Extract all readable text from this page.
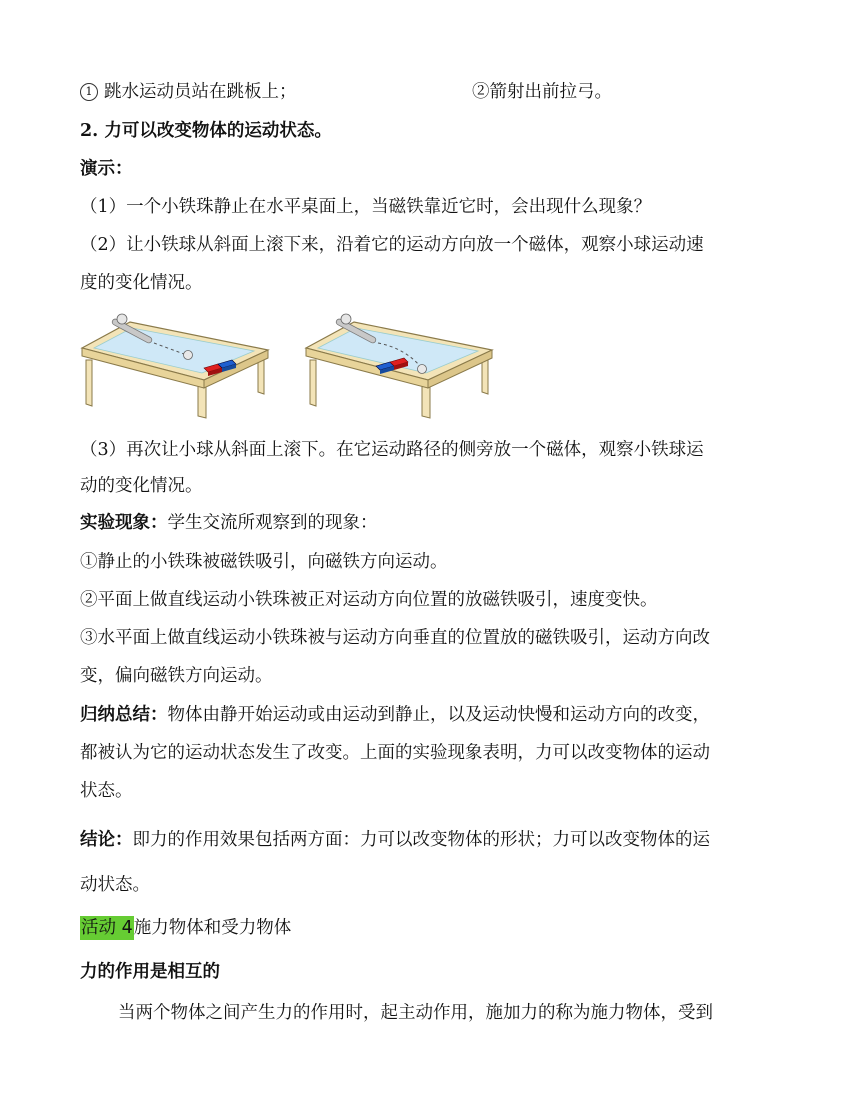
1 跳水运动员站在跳板上；	②箭射出前拉弓。
2. 力可以改变物体的运动状态。
演示：
（1）一个小铁珠静止在水平桌面上，当磁铁靠近它时，会出现什么现象？
（2）让小铁球从斜面上滚下来，沿着它的运动方向放一个磁体，观察小球运动速
度的变化情况。
（3）再次让小球从斜面上滚下。在它运动路径的侧旁放一个磁体，观察小铁球运
动的变化情况。
实验现象：学生交流所观察到的现象：
①静止的小铁珠被磁铁吸引，向磁铁方向运动。
②平面上做直线运动小铁珠被正对运动方向位置的放磁铁吸引，速度变快。
③水平面上做直线运动小铁珠被与运动方向垂直的位置放的磁铁吸引，运动方向改
变，偏向磁铁方向运动。
归纳总结：物体由静开始运动或由运动到静止，以及运动快慢和运动方向的改变，
都被认为它的运动状态发生了改变。上面的实验现象表明，力可以改变物体的运动
状态。
结论：即力的作用效果包括两方面：力可以改变物体的形状；力可以改变物体的运
动状态。
活动 4施力物体和受力物体
力的作用是相互的
当两个物体之间产生力的作用时，起主动作用，施加力的称为施力物体，受到
